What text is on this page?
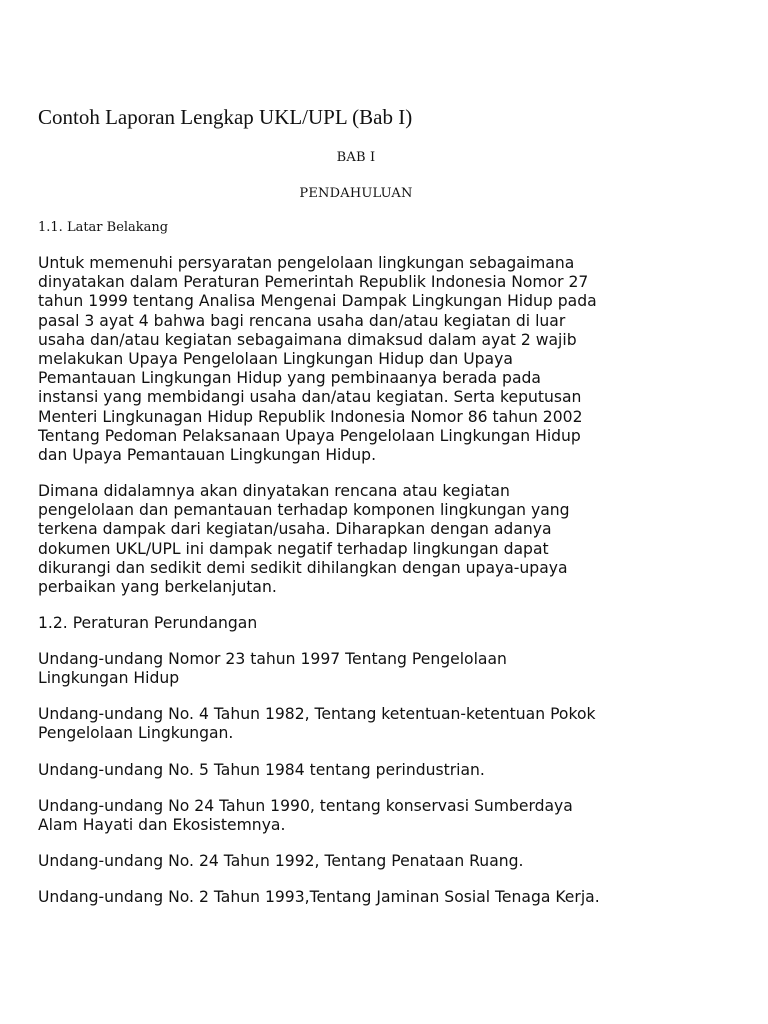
Contoh Laporan Lengkap UKL/UPL (Bab I)
BAB I
PENDAHULUAN
1.1. Latar Belakang
Untuk memenuhi persyaratan pengelolaan lingkungan sebagaimana
dinyatakan dalam Peraturan Pemerintah Republik Indonesia Nomor 27
tahun 1999 tentang Analisa Mengenai Dampak Lingkungan Hidup pada
pasal 3 ayat 4 bahwa bagi rencana usaha dan/atau kegiatan di luar
usaha dan/atau kegiatan sebagaimana dimaksud dalam ayat 2 wajib
melakukan Upaya Pengelolaan Lingkungan Hidup dan Upaya
Pemantauan Lingkungan Hidup yang pembinaanya berada pada
instansi yang membidangi usaha dan/atau kegiatan. Serta keputusan
Menteri Lingkunagan Hidup Republik Indonesia Nomor 86 tahun 2002
Tentang Pedoman Pelaksanaan Upaya Pengelolaan Lingkungan Hidup
dan Upaya Pemantauan Lingkungan Hidup.
Dimana didalamnya akan dinyatakan rencana atau kegiatan
pengelolaan dan pemantauan terhadap komponen lingkungan yang
terkena dampak dari kegiatan/usaha. Diharapkan dengan adanya
dokumen UKL/UPL ini dampak negatif terhadap lingkungan dapat
dikurangi dan sedikit demi sedikit dihilangkan dengan upaya-upaya
perbaikan yang berkelanjutan.
1.2. Peraturan Perundangan
Undang-undang Nomor 23 tahun 1997 Tentang Pengelolaan
Lingkungan Hidup
Undang-undang No. 4 Tahun 1982, Tentang ketentuan-ketentuan Pokok
Pengelolaan Lingkungan.
Undang-undang No. 5 Tahun 1984 tentang perindustrian.
Undang-undang No 24 Tahun 1990, tentang konservasi Sumberdaya
Alam Hayati dan Ekosistemnya.
Undang-undang No. 24 Tahun 1992, Tentang Penataan Ruang.
Undang-undang No. 2 Tahun 1993,Tentang Jaminan Sosial Tenaga Kerja.
